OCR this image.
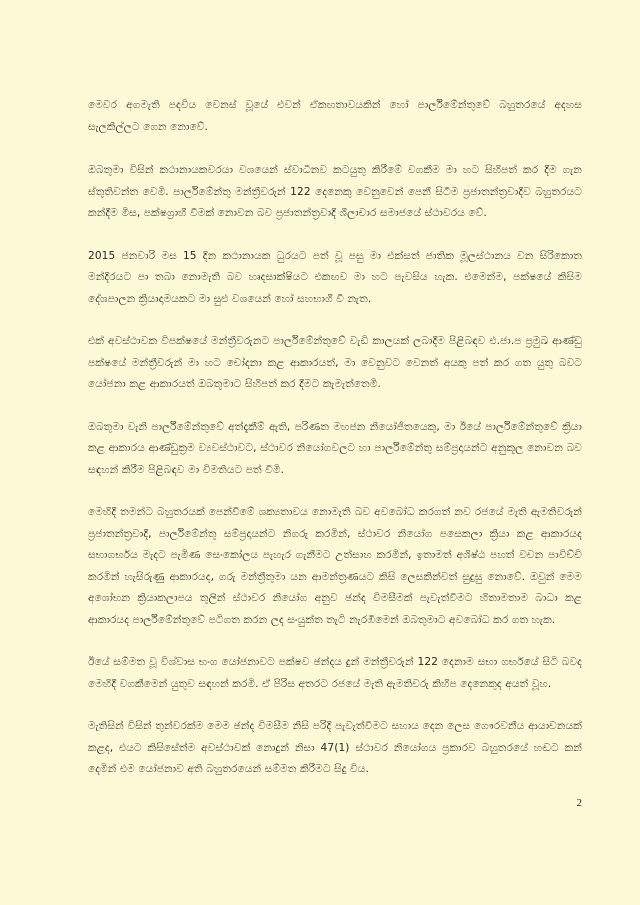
මෙවර අගමැති පදවිය වෙනස් වූයේ එවන් ඒකඟතාවයකින් හෝ පාර්ලිමේන්තුවේ බහුතරයේ අදහස සැලකිල්ලට ගෙන නොවේ.

ඔබතුමා විසින් කථානායකවරයා වශයෙන් ස්වාධීනව කටයුතු කිරීමේ වගකීම මා හට සිහිපත් කර දීම ගැන ස්තුතිවන්ත වෙමි. පාර්ලිමේන්තු මන්ත්‍රීවරුන් 122 දෙනෙකු වෙනුවෙන් පෙනී සිටීම ප්‍රජාතන්ත්‍රවාදීව බහුතරයට කන්දීම මිස, පක්ෂග්‍රාහී වීමක් නොවන බව ප්‍රජාතන්ත්‍රවාදී ශීලාචාර සමාජයේ ස්ථාවරය වේ.

2015 ජනවාරි මස 15 දින කථානායක ධුරයට පත් වූ පසු මා එක්සත් ජාතික මූලස්ථානය වන සිරිකොත මන්දිරයට පා තබා නොමැති බව හෘදසාක්ෂියට එකඟව මා හට පැවසිය හැක. එමෙන්ම, පක්ෂයේ කිසිම දේශපාලන ක්‍රියාදාමයකට මා සුළු වශයෙන් හෝ සහභාගී වී නැත.

එක් අවස්ථාවක විපක්ෂයේ මන්ත්‍රීවරුනට පාර්ලිමේන්තුවේ වැඩි කාලයක් ලබාදීම පිළිබඳව එ.ජා.ප ප්‍රමුඛ ආණ්ඩු පක්ෂයේ මන්ත්‍රීවරුන් මා හට චෝදනා කළ ආකාරයත්, මා වෙනුවට වෙනත් අයකු පත් කර ගත යුතු බවට යෝජනා කළ ආකාරයත් ඔබතුමාට සිහිපත් කර දීමට කැමැත්තෙමි.

ඔබතුමා වැනි පාර්ලිමේන්තුවේ අත්දැකීම් ඇති, පරිණත මහජන නියෝජිතයෙකු, මා ඊයේ පාර්ලිමේන්තුවේ ක්‍රියා කළ ආකාරය ආණ්ඩුක්‍රම ව්‍යවස්ථාවට, ස්ථාවර නියෝගවලට හා පාර්ලිමේන්තු සම්ප්‍රදායන්ට අනුකූල නොවන බව සඳහන් කිරීම පිළිබඳව මා විමතියට පත් වීමි.

මෙහිදී තමන්ට බහුතරයක් පෙන්වීමේ ශක්‍යතාවය නොමැති බව අවබෝධ කරගත් නව රජයේ මැති ඇමතිවරුන් ප්‍රජාතන්ත්‍රවාදී, පාර්ලිමේන්තු සම්ප්‍රදායන්ට නිගරු කරමින්, ස්ථාවර නියෝග පසෙකලා ක්‍රියා කළ ආකාරයද සභාගර්භය මැදට පැමිණ සෙංකෝලය පැහැර ගැනීමට උත්සාහ කරමින්, ඉතාමත් අශිෂ්ඨ පහත් වචන පාවිච්චි කරමින් හැසිරුණු ආකාරයද, ගරු මන්ත්‍රීතුමා යන ආමන්ත්‍රණයට කිසි ලෙසකින්වත් සුදුසු නොවේ. ඔවුන් මෙම අශෝභන ක්‍රියාකලාපය තුලින් ස්ථාවර නියෝග අනුව ඡන්ද විමසීමක් පැවැත්වීමට හිතාමතාම බාධා කළ ආකාරයද පාර්ලිමේන්තුවේ පටිගත කරන ලද සංයුක්ත තැටි නැරඹීමෙන් ඔබතුමාට අවබෝධ කර ගත හැක.

ඊයේ සම්මත වූ විශ්වාස භංග යෝජනාවට පක්ෂව ඡන්දය දුන් මන්ත්‍රීවරුන් 122 දෙනාම සභා ගර්භයේ සිටි බවද මෙහිදී වගකීමෙන් යුතුව සඳහන් කරමි. ඒ පිරිස අතරට රජයේ මැති ඇමතිවරු කිහිප දෙනෙකුද අයත් වූහ.

මැතිසින් විසින් තුන්වරක්ම මෙම ඡන්ද විමසීම නිසි පරිදි පැවැත්වීමට සහාය දෙන ලෙස ගෞරවනීය ආයාචනයක් කළද, එයට කිසිසේත්ම අවස්ථාවක් නොදුන් නිසා 47(1) ස්ථාවර නියෝගය ප්‍රකාරව බහුතරයේ හඬට කන් දෙමින් එම යෝජනාව අති බහුතරයෙන් සම්මත කිරීමට සිදු විය.

2
